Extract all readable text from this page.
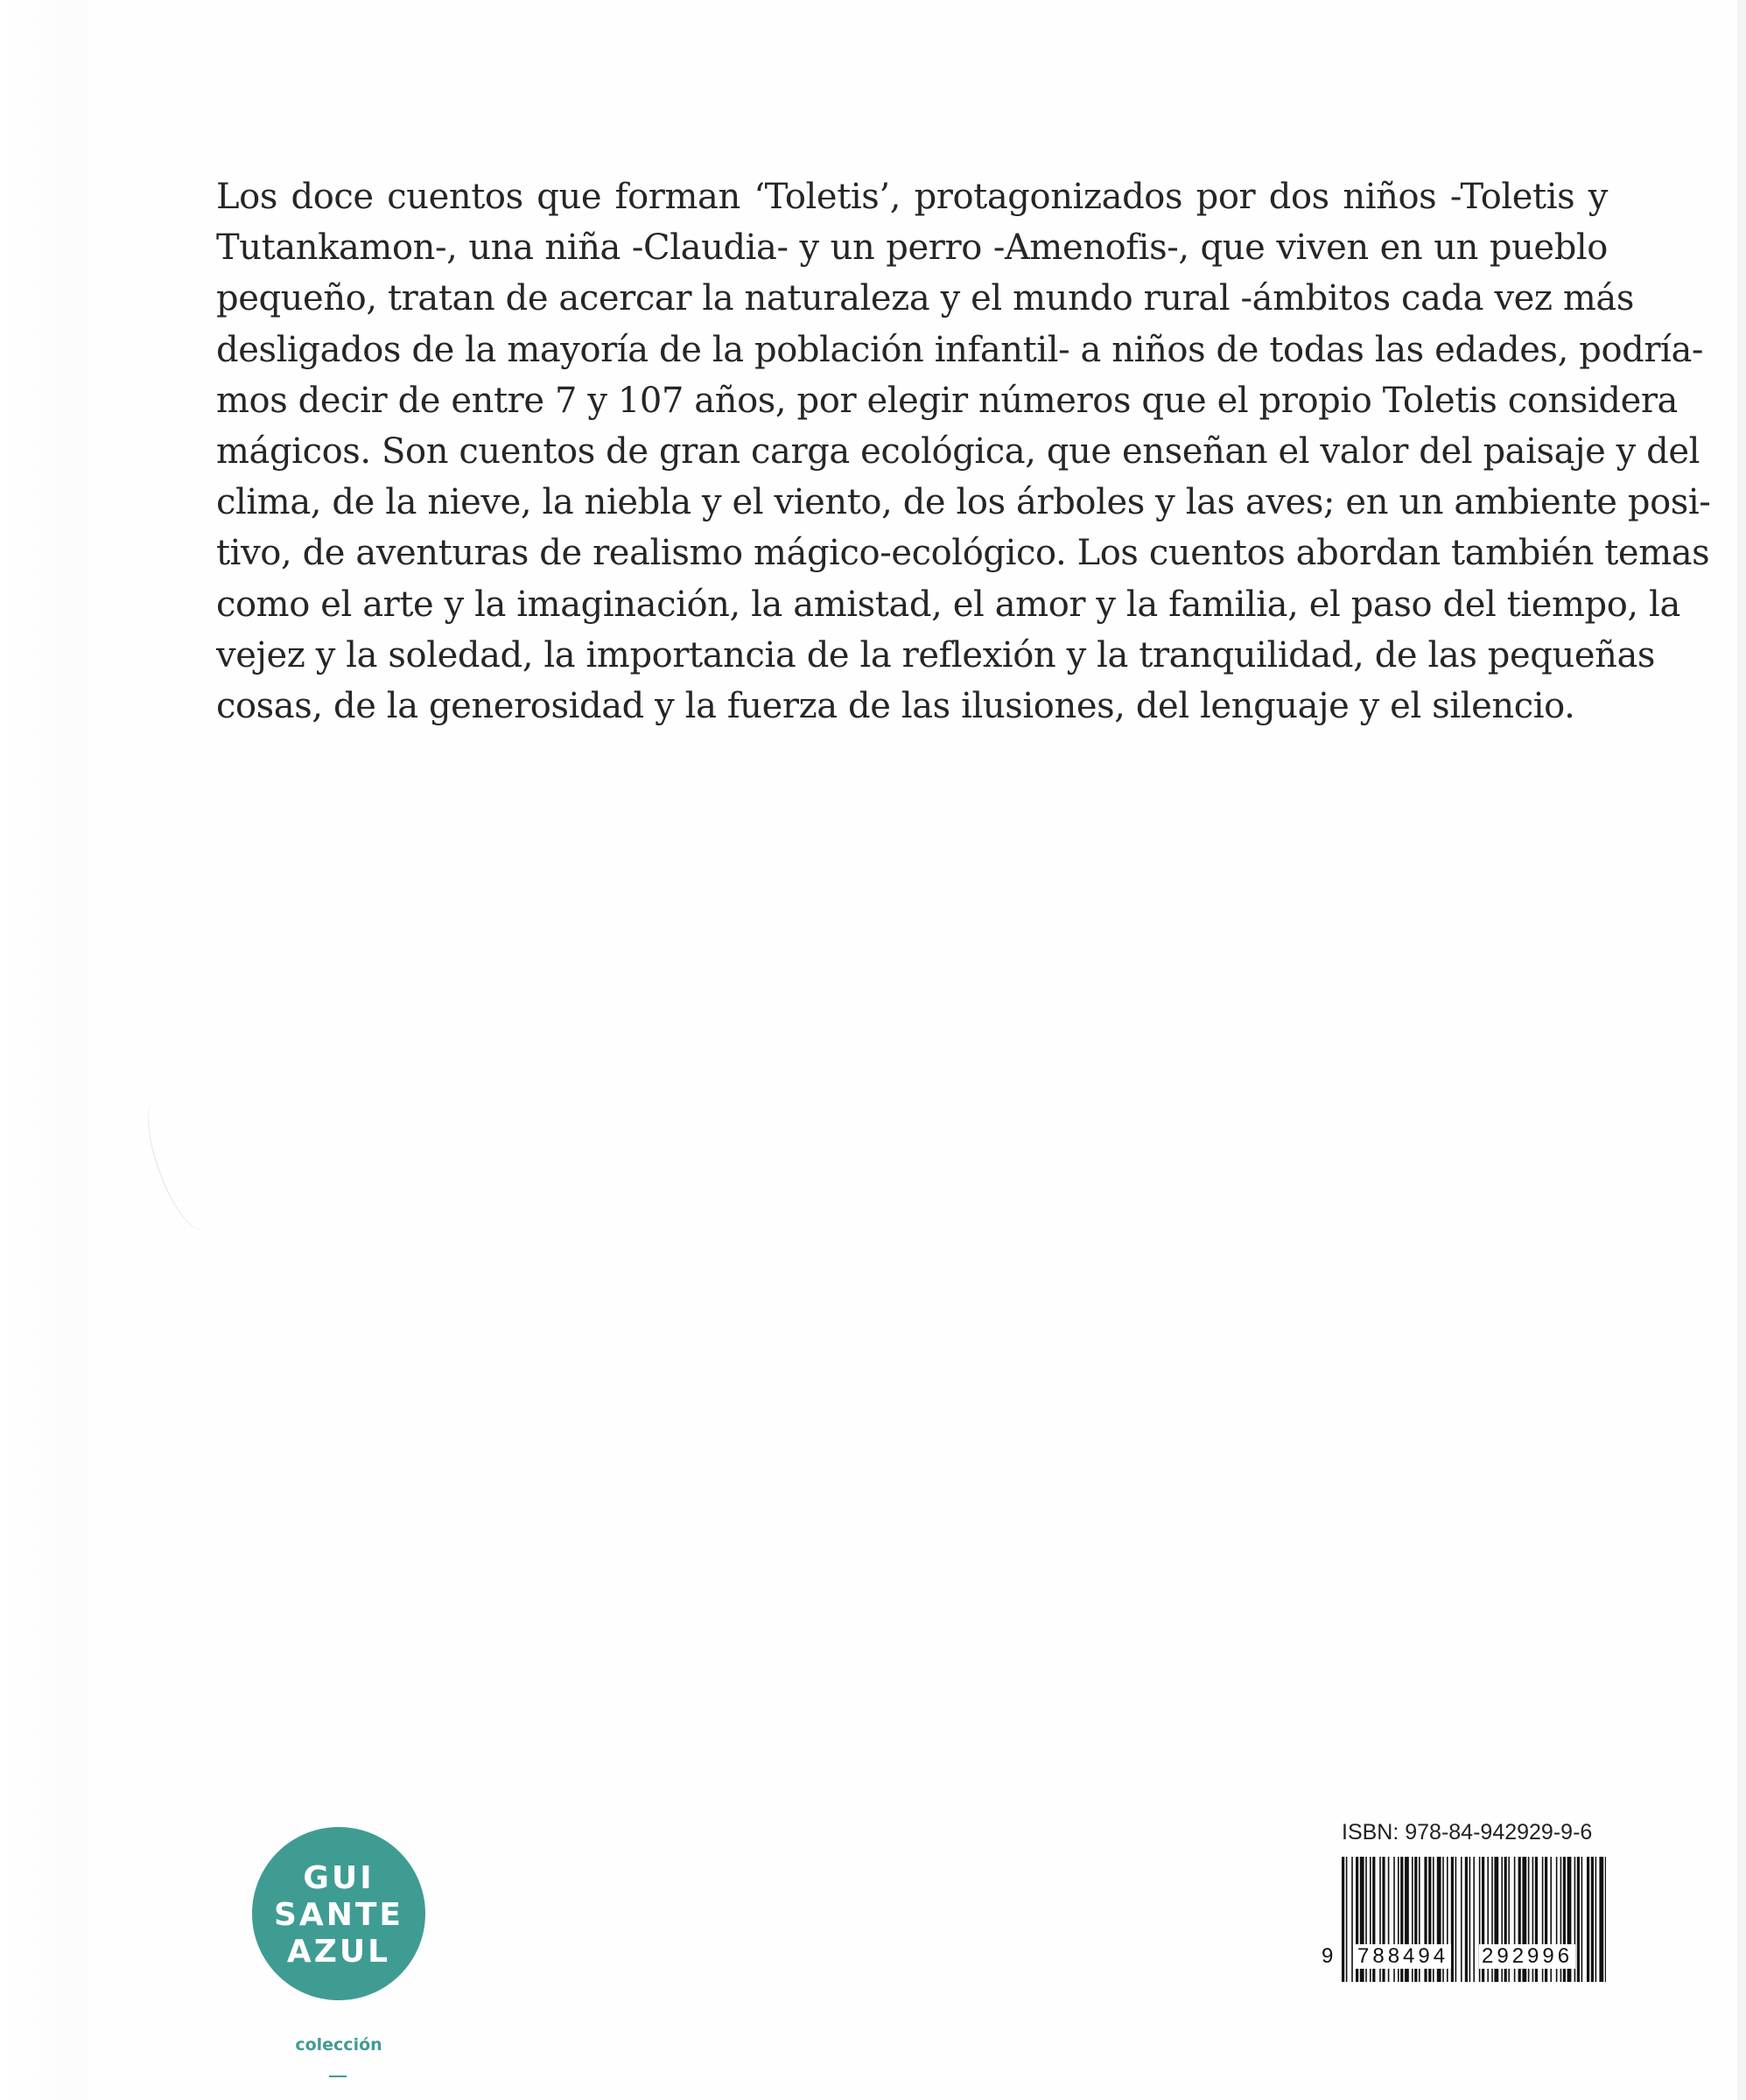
Los doce cuentos que forman ‘Toletis’, protagonizados por dos niños -Toletis y
Tutankamon-, una niña -Claudia- y un perro -Amenofis-, que viven en un pueblo
pequeño, tratan de acercar la naturaleza y el mundo rural -ámbitos cada vez más
desligados de la mayoría de la población infantil- a niños de todas las edades, podría-
mos decir de entre 7 y 107 años, por elegir números que el propio Toletis considera
mágicos. Son cuentos de gran carga ecológica, que enseñan el valor del paisaje y del
clima, de la nieve, la niebla y el viento, de los árboles y las aves; en un ambiente posi-
tivo, de aventuras de realismo mágico-ecológico. Los cuentos abordan también temas
como el arte y la imaginación, la amistad, el amor y la familia, el paso del tiempo, la
vejez y la soledad, la importancia de la reflexión y la tranquilidad, de las pequeñas
cosas, de la generosidad y la fuerza de las ilusiones, del lenguaje y el silencio.
GUI
SANTE
AZUL
colección
ISBN: 978-84-942929-9-6
9 788494 292996
